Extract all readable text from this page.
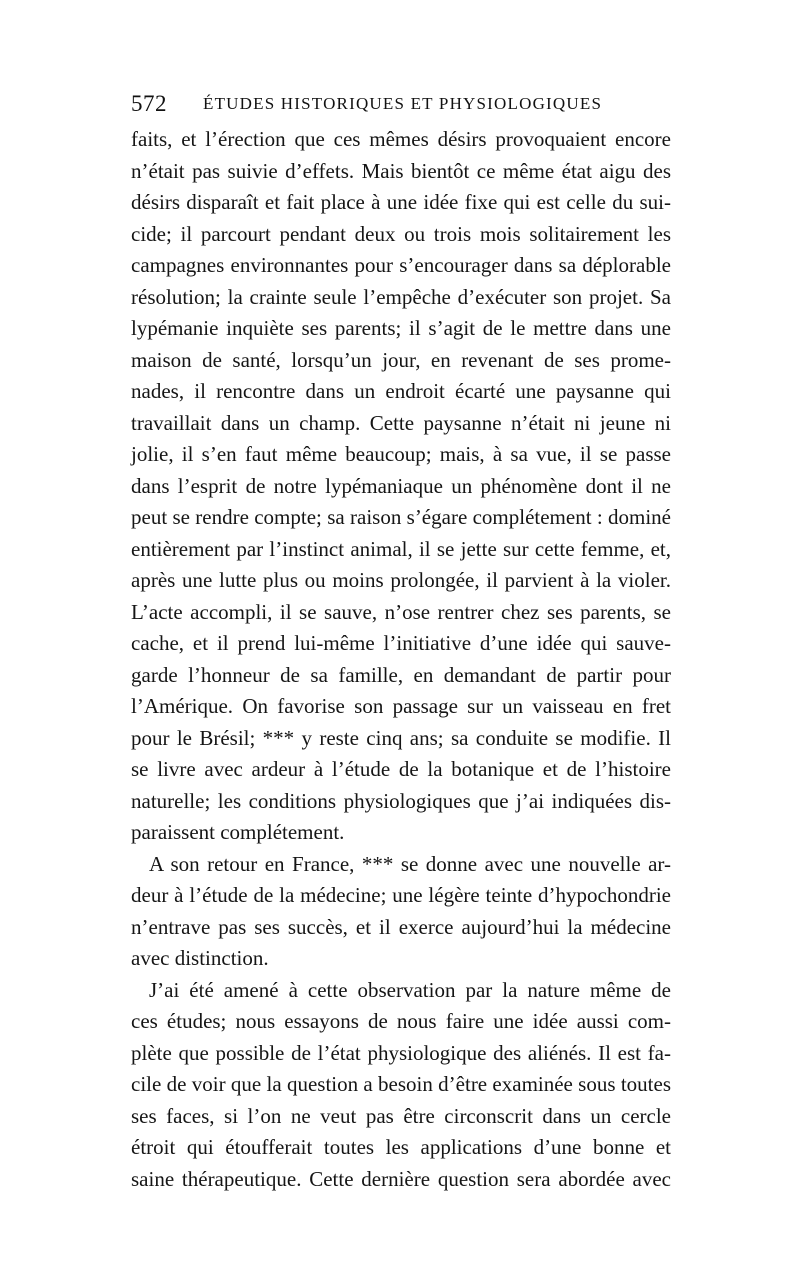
572 ÉTUDES HISTORIQUES ET PHYSIOLOGIQUES
faits, et l’érection que ces mêmes désirs provoquaient encore
n’était pas suivie d’effets. Mais bientôt ce même état aigu des
désirs disparaît et fait place à une idée fixe qui est celle du sui-
cide; il parcourt pendant deux ou trois mois solitairement les
campagnes environnantes pour s’encourager dans sa déplorable
résolution; la crainte seule l’empêche d’exécuter son projet. Sa
lypémanie inquiète ses parents; il s’agit de le mettre dans une
maison de santé, lorsqu’un jour, en revenant de ses prome-
nades, il rencontre dans un endroit écarté une paysanne qui
travaillait dans un champ. Cette paysanne n’était ni jeune ni
jolie, il s’en faut même beaucoup; mais, à sa vue, il se passe
dans l’esprit de notre lypémaniaque un phénomène dont il ne
peut se rendre compte; sa raison s’égare complétement : dominé
entièrement par l’instinct animal, il se jette sur cette femme, et,
après une lutte plus ou moins prolongée, il parvient à la violer.
L’acte accompli, il se sauve, n’ose rentrer chez ses parents, se
cache, et il prend lui-même l’initiative d’une idée qui sauve-
garde l’honneur de sa famille, en demandant de partir pour
l’Amérique. On favorise son passage sur un vaisseau en fret
pour le Brésil; *** y reste cinq ans; sa conduite se modifie. Il
se livre avec ardeur à l’étude de la botanique et de l’histoire
naturelle; les conditions physiologiques que j’ai indiquées dis-
paraissent complétement.
A son retour en France, *** se donne avec une nouvelle ar-
deur à l’étude de la médecine; une légère teinte d’hypochondrie
n’entrave pas ses succès, et il exerce aujourd’hui la médecine
avec distinction.
J’ai été amené à cette observation par la nature même de
ces études; nous essayons de nous faire une idée aussi com-
plète que possible de l’état physiologique des aliénés. Il est fa-
cile de voir que la question a besoin d’être examinée sous toutes
ses faces, si l’on ne veut pas être circonscrit dans un cercle
étroit qui étoufferait toutes les applications d’une bonne et
saine thérapeutique. Cette dernière question sera abordée avec
